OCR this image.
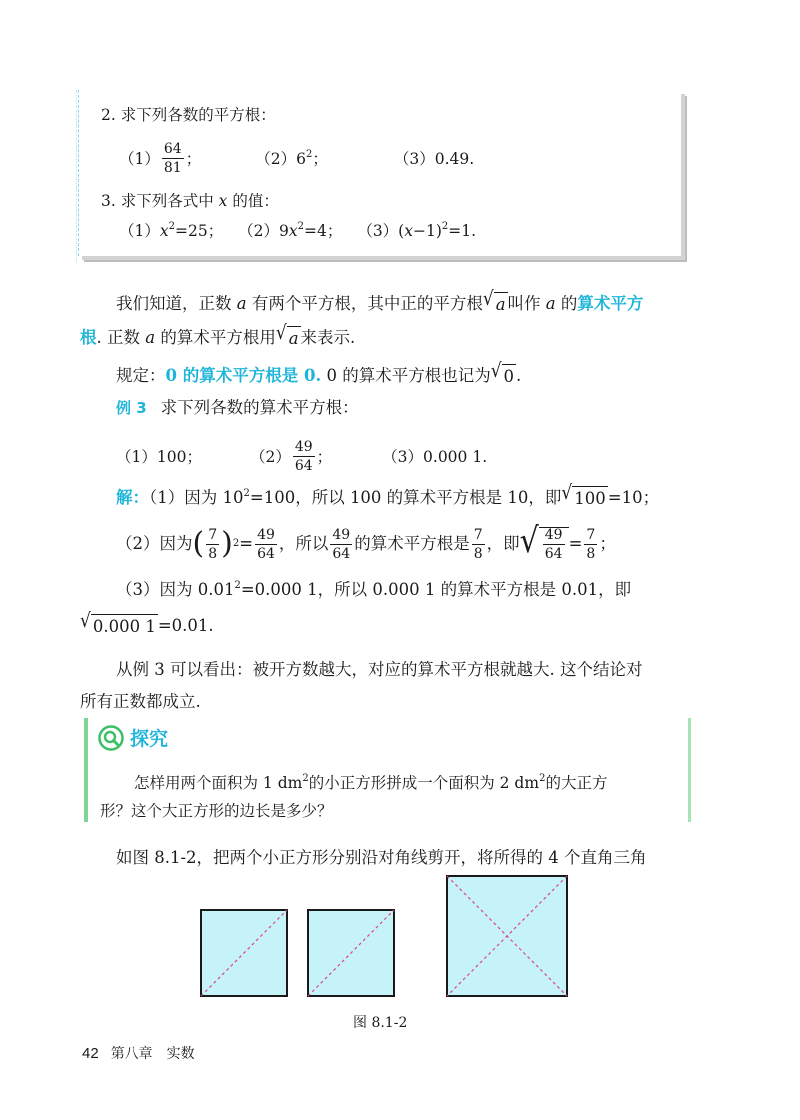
2. 求下列各数的平方根：
$(1) \frac{64}{81}$ ；	$(2)6^2$；	（3）0.49.
3. 求下列各式中 x 的值：
$(1)x^2=25$； $(2)9x^2=4$； $(3)(x-1)^2=1$.
我们知道，正数 a 有两个平方根，其中正的平方根 √ a 叫作 a 的算术平方
根. 正数 a 的算术平方根用 √ a 来表示.
规定：0 的算术平方根是 0. 0 的算术平方根也记为 √ 0 .
例 3 求下列各数的算术平方根：
（1）100；	$(2) \frac{49}{64}$ ；	（3）0.000 1.
解：（1）因为 $10^2=100$，所以 100 的算术平方根是 10，即 √ 100 =10；
（2）因为 ( $\frac{7}{8}$ ) $2 = \frac{49}{64}$ ，所以 $\frac{49}{64}$ 的算术平方根是 $\frac{7}{8}$ ，即 √ $\frac{49}{64} = \frac{7}{8}$ ；
（3）因为 $0.01^2=0.000$ 1，所以 0.000 1 的算术平方根是 0.01，即
√ 0.000 1 =0.01.
从例 3 可以看出：被开方数越大，对应的算术平方根就越大. 这个结论对
所有正数都成立.
探究
怎样用两个面积为 1 $dm^2$的小正方形拼成一个面积为 2 $dm^2$的大正方
形？这个大正方形的边长是多少？
如图 8.1-2，把两个小正方形分别沿对角线剪开，将所得的 4 个直角三角
图 8.1-2
42 第八章　实数
